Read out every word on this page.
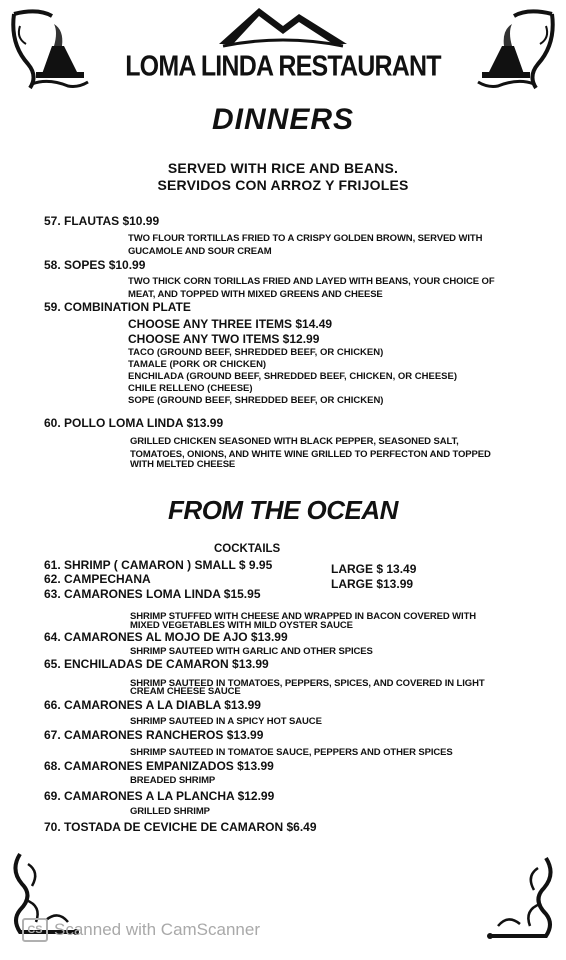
LOMA LINDA RESTAURANT
DINNERS
SERVED WITH RICE AND BEANS.
SERVIDOS CON ARROZ Y FRIJOLES
57. FLAUTAS $10.99
TWO FLOUR TORTILLAS FRIED TO A CRISPY GOLDEN BROWN, SERVED WITH
GUCAMOLE AND SOUR CREAM
58. SOPES $10.99
TWO THICK CORN TORILLAS FRIED AND LAYED WITH BEANS, YOUR CHOICE OF
MEAT, AND TOPPED WITH MIXED GREENS AND CHEESE
59. COMBINATION PLATE
CHOOSE ANY THREE ITEMS $14.49
CHOOSE ANY TWO ITEMS $12.99
TACO (GROUND BEEF, SHREDDED BEEF, OR CHICKEN)
TAMALE (PORK OR CHICKEN)
ENCHILADA (GROUND BEEF, SHREDDED BEEF, CHICKEN, OR CHEESE)
CHILE RELLENO (CHEESE)
SOPE (GROUND BEEF, SHREDDED BEEF, OR CHICKEN)
60. POLLO LOMA LINDA $13.99
GRILLED CHICKEN SEASONED WITH BLACK PEPPER, SEASONED SALT,
TOMATOES, ONIONS, AND WHITE WINE GRILLED TO PERFECTON AND TOPPED
WITH MELTED CHEESE
FROM THE OCEAN
COCKTAILS
61. SHRIMP ( CAMARON ) SMALL $ 9.95	LARGE $ 13.49
62. CAMPECHANA	LARGE $13.99
63. CAMARONES LOMA LINDA $15.95
SHRIMP STUFFED WITH CHEESE AND WRAPPED IN BACON COVERED WITH
MIXED VEGETABLES WITH MILD OYSTER SAUCE
64. CAMARONES AL MOJO DE AJO $13.99
SHRIMP SAUTEED WITH GARLIC AND OTHER SPICES
65. ENCHILADAS DE CAMARON $13.99
SHRIMP SAUTEED IN TOMATOES, PEPPERS, SPICES, AND COVERED IN LIGHT
CREAM CHEESE SAUCE
66. CAMARONES A LA DIABLA $13.99
SHRIMP SAUTEED IN A SPICY HOT SAUCE
67. CAMARONES RANCHEROS $13.99
SHRIMP SAUTEED IN TOMATOE SAUCE, PEPPERS AND OTHER SPICES
68. CAMARONES EMPANIZADOS $13.99
BREADED SHRIMP
69. CAMARONES A LA PLANCHA $12.99
GRILLED SHRIMP
70. TOSTADA DE CEVICHE DE CAMARON $6.49
CS Scanned with CamScanner
